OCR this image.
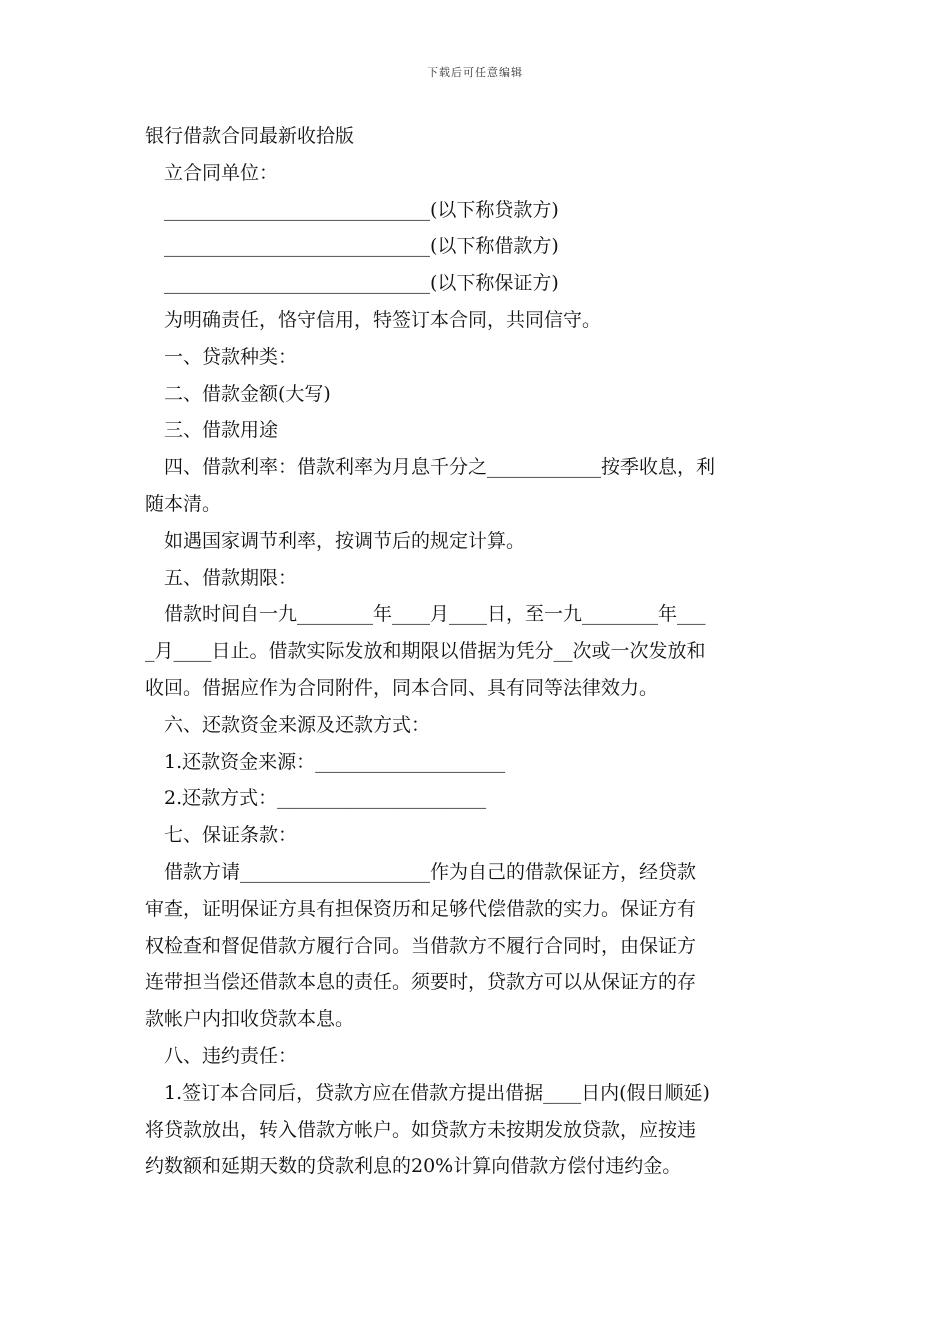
下载后可任意编辑
银行借款合同最新收拾版
立合同单位：
____________________________(以下称贷款方)
____________________________(以下称借款方)
____________________________(以下称保证方)
为明确责任，恪守信用，特签订本合同，共同信守。
一、贷款种类：
二、借款金额(大写)
三、借款用途
四、借款利率：借款利率为月息千分之____________按季收息，利
随本清。
如遇国家调节利率，按调节后的规定计算。
五、借款期限：
借款时间自一九________年____月____日，至一九________年___
_月____日止。借款实际发放和期限以借据为凭分__次或一次发放和
收回。借据应作为合同附件，同本合同、具有同等法律效力。
六、还款资金来源及还款方式：
1.还款资金来源：____________________
2.还款方式：______________________
七、保证条款：
借款方请____________________作为自己的借款保证方，经贷款
审查，证明保证方具有担保资历和足够代偿借款的实力。保证方有
权检查和督促借款方履行合同。当借款方不履行合同时，由保证方
连带担当偿还借款本息的责任。须要时，贷款方可以从保证方的存
款帐户内扣收贷款本息。
八、违约责任：
1.签订本合同后，贷款方应在借款方提出借据____日内(假日顺延)
将贷款放出，转入借款方帐户。如贷款方未按期发放贷款，应按违
约数额和延期天数的贷款利息的20%计算向借款方偿付违约金。
